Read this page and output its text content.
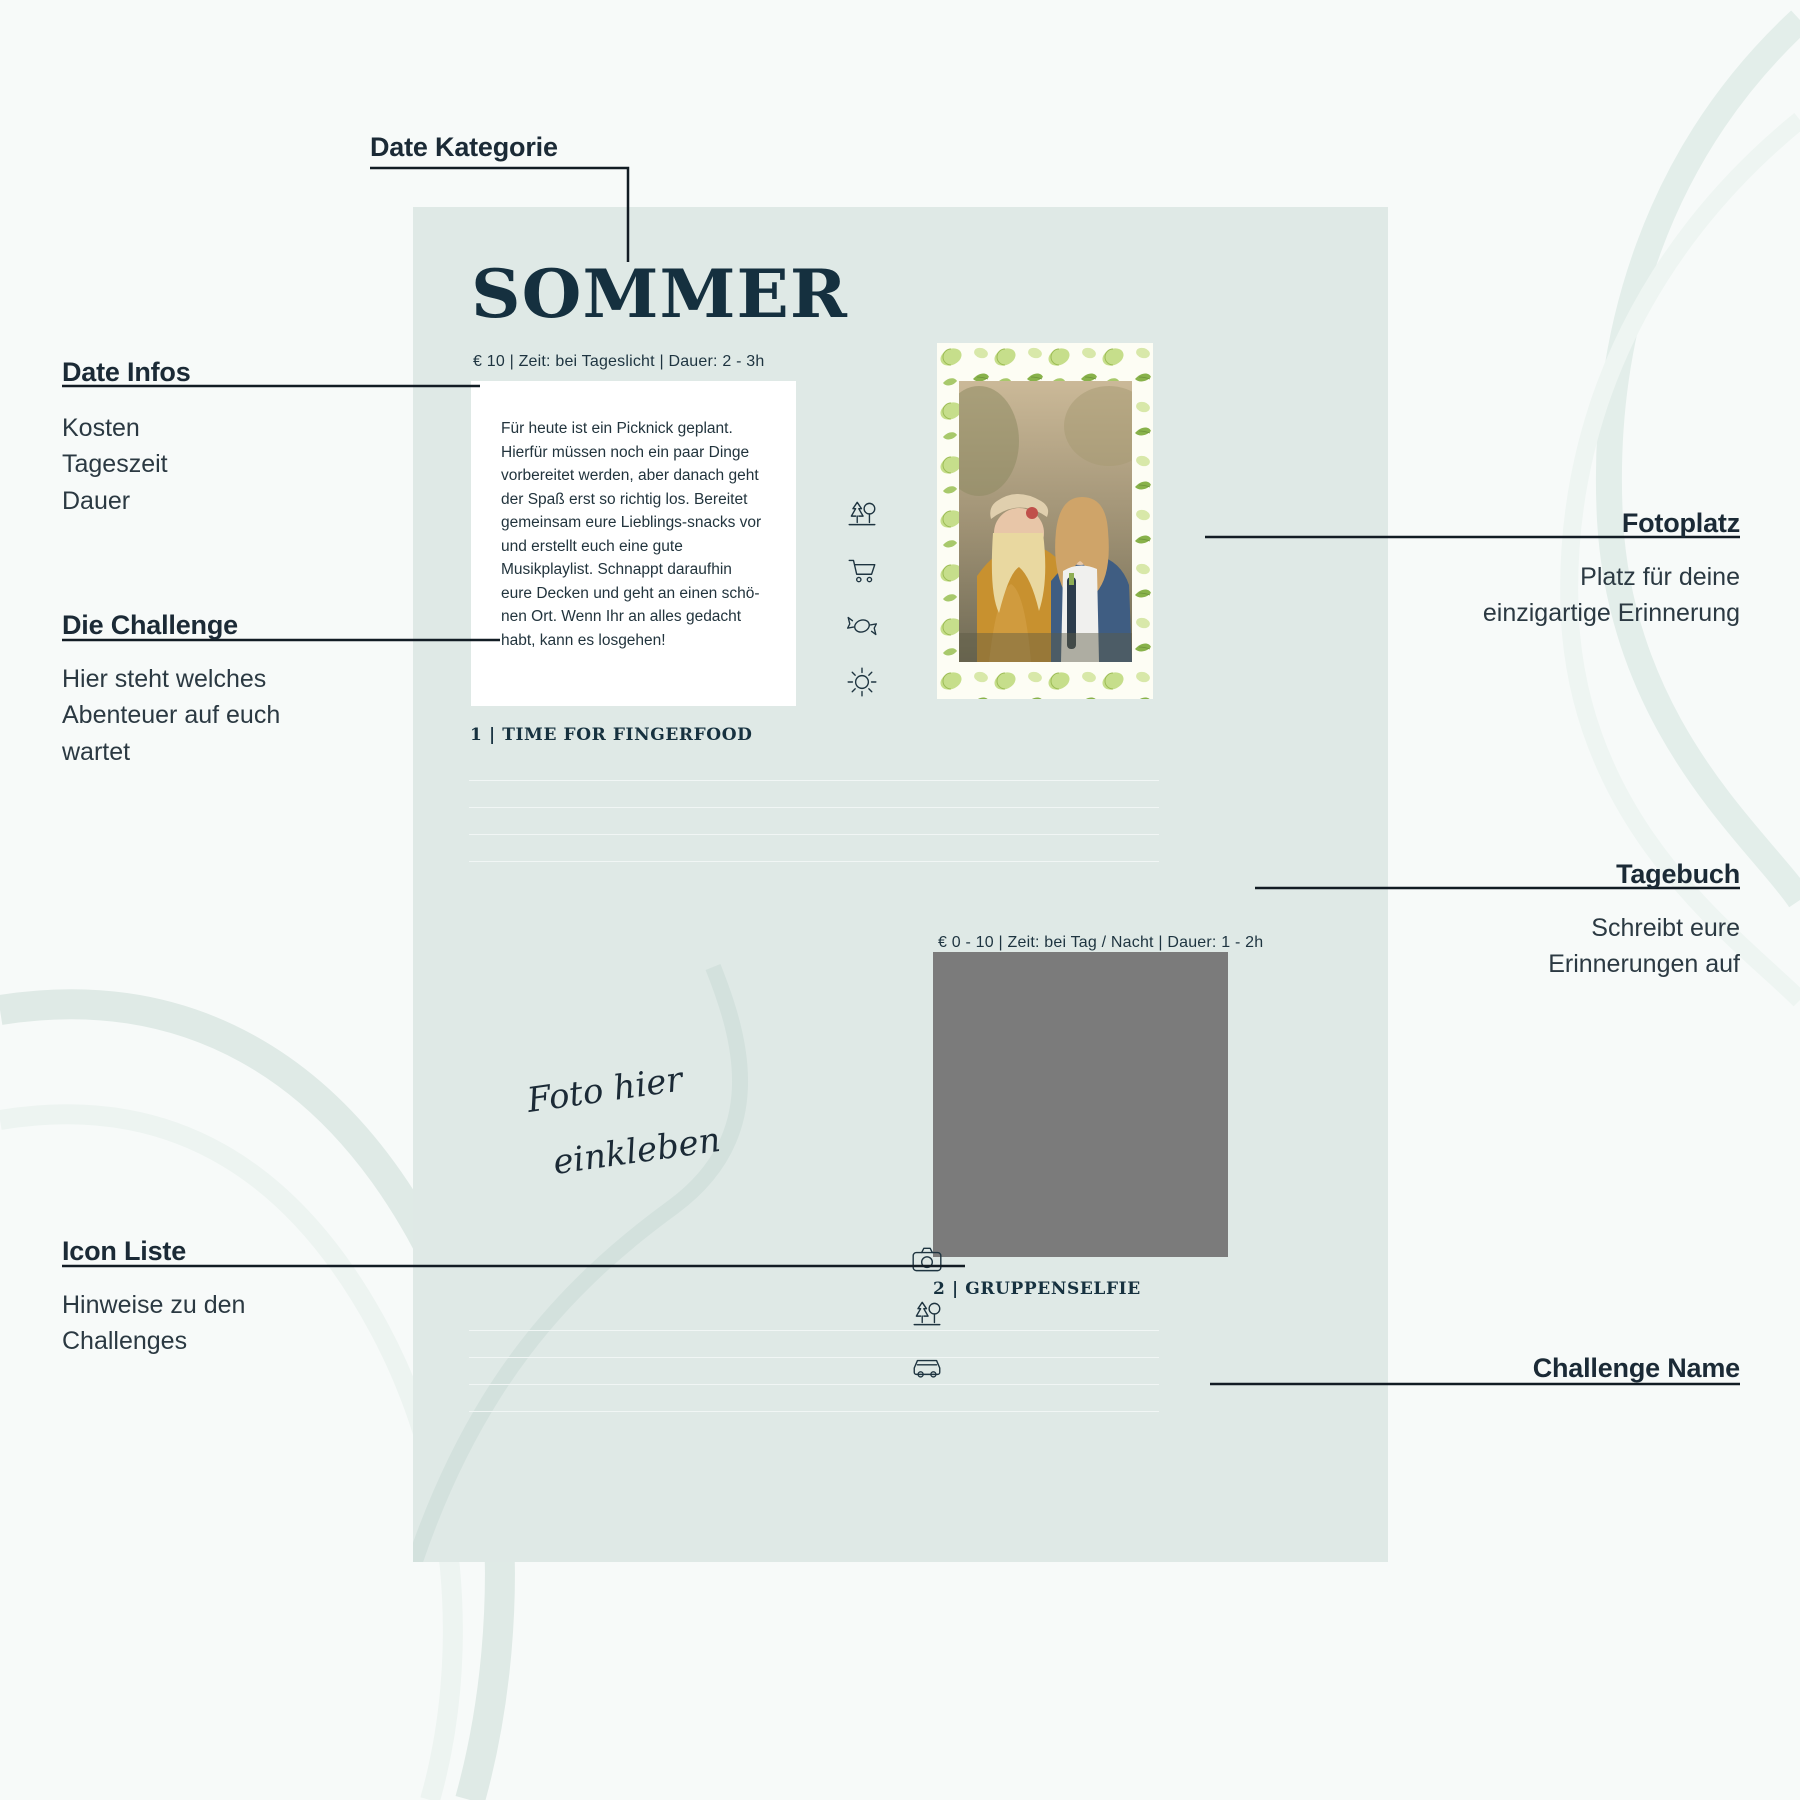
SOMMER
€ 10 | Zeit: bei Tageslicht | Dauer: 2 - 3h

Für heute ist ein Picknick geplant. Hierfür müssen noch ein paar Dinge vorbereitet werden, aber danach geht der Spaß erst so richtig los. Bereitet gemeinsam eure Lieblings-snacks vor und erstellt euch eine gute Musikplaylist. Schnappt daraufhin eure Decken und geht an einen schö-nen Ort. Wenn Ihr an alles gedacht habt, kann es losgehen!

1 | TIME FOR FINGERFOOD
€ 0 - 10 | Zeit: bei Tag / Nacht | Dauer: 1 - 2h
Foto hier
einkleben
2 | GRUPPENSELFIE
Date Kategorie
Date Infos
Kosten
Tageszeit
Dauer
Die Challenge
Hier steht welches
Abenteuer auf euch
wartet
Icon Liste
Hinweise zu den
Challenges
Fotoplatz
Platz für deine
einzigartige Erinnerung
Tagebuch
Schreibt eure
Erinnerungen auf
Challenge Name
